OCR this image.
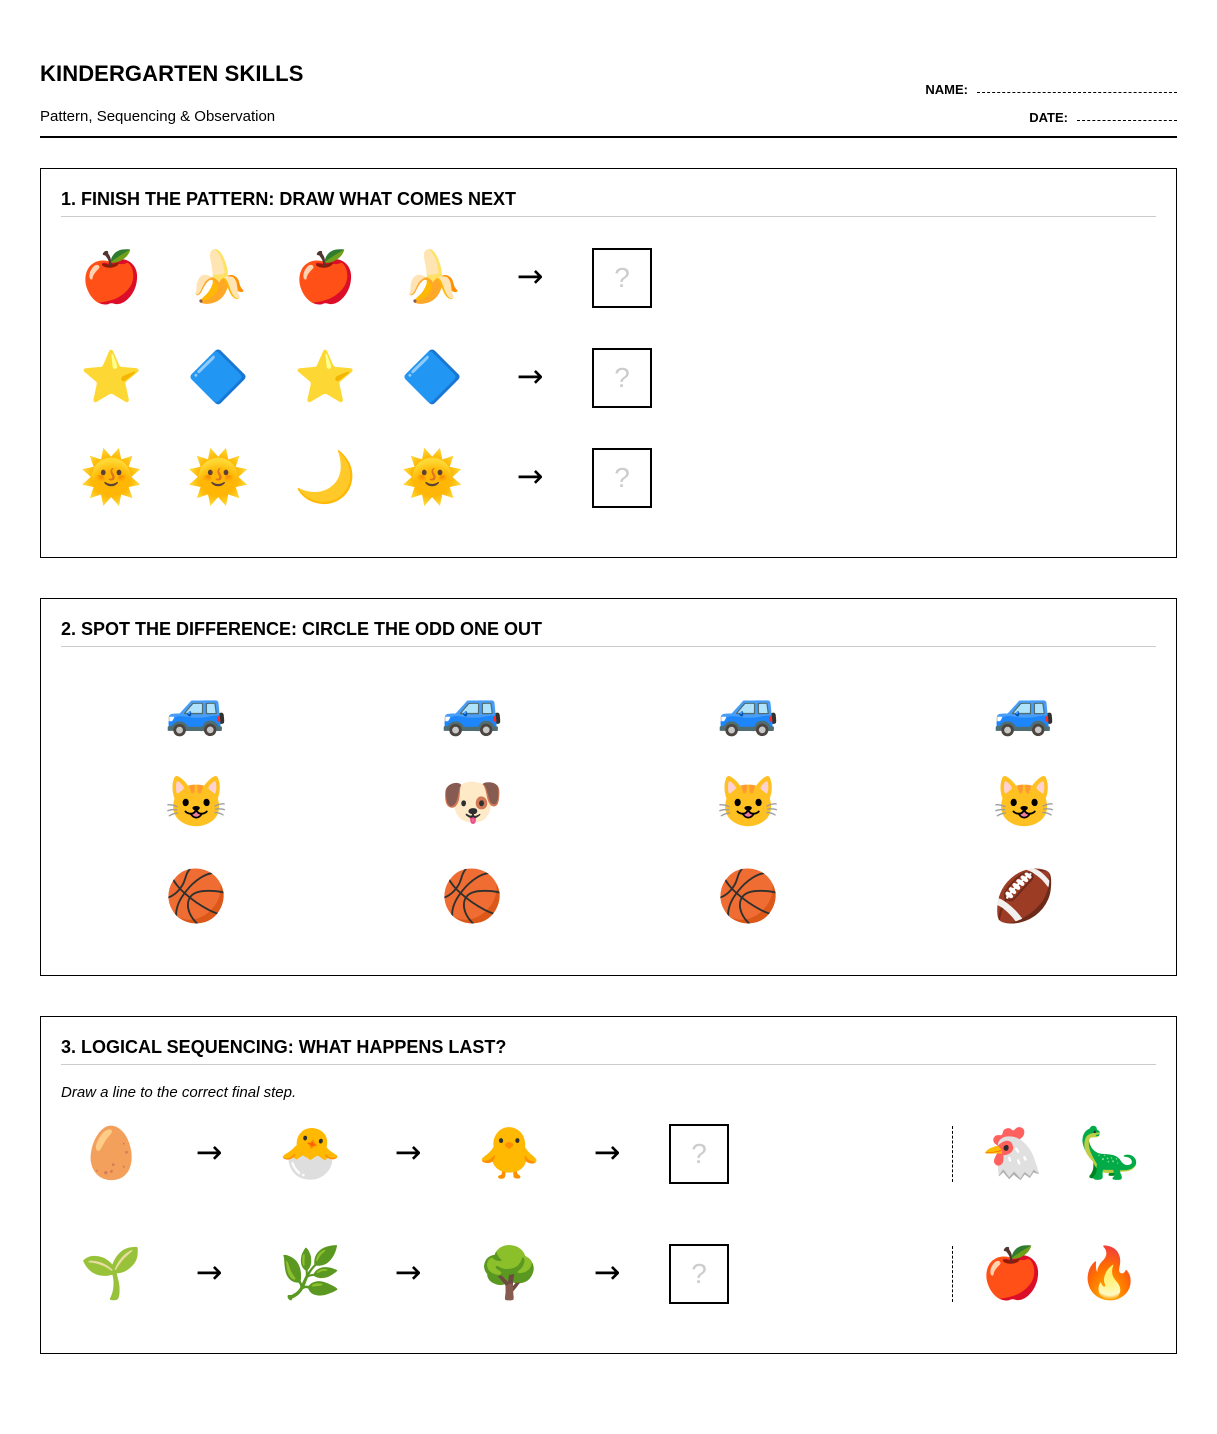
KINDERGARTEN SKILLS
Pattern, Sequencing & Observation
NAME:
DATE:
1. FINISH THE PATTERN: DRAW WHAT COMES NEXT
🍎 🍌 🍎 🍌 →	?
⭐ 🔷 ⭐ 🔷 →	?
🌞 🌞 🌙 🌞 →	?
2. SPOT THE DIFFERENCE: CIRCLE THE ODD ONE OUT
🚙	🚙	🚙	🚙
😺	🐶	😺	😺
🏀	🏀	🏀	🏈
3. LOGICAL SEQUENCING: WHAT HAPPENS LAST?
Draw a line to the correct final step.
🥚 → 🐣 → 🐥 →	?	🐔 🦕
🌱 → 🌿 → 🌳 →	?	🍎 🔥
